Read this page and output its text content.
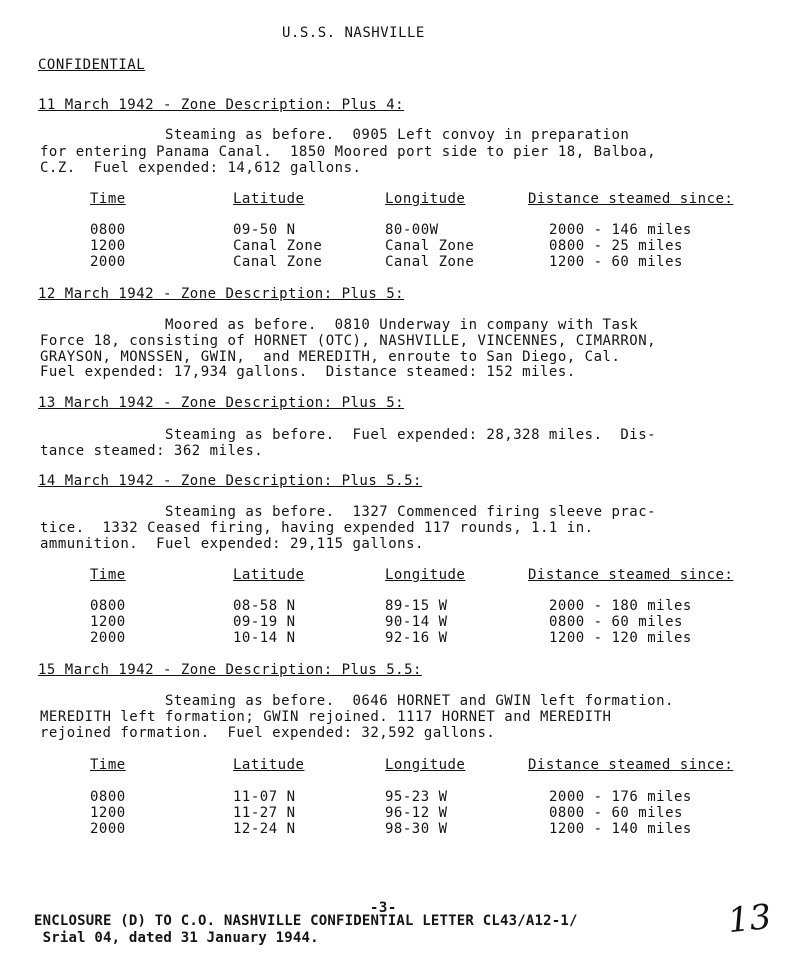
U.S.S. NASHVILLE
CONFIDENTIAL
11 March 1942 - Zone Description: Plus 4:
Steaming as before.  0905 Left convoy in preparation
for entering Panama Canal.  1850 Moored port side to pier 18, Balboa,
C.Z.  Fuel expended: 14,612 gallons.
Time	Latitude	Longitude	Distance steamed since:
0800	09-50 N	80-00W	2000 - 146 miles
1200	Canal Zone	Canal Zone	0800 - 25 miles
2000	Canal Zone	Canal Zone	1200 - 60 miles
12 March 1942 - Zone Description: Plus 5:
Moored as before.  0810 Underway in company with Task
Force 18, consisting of HORNET (OTC), NASHVILLE, VINCENNES, CIMARRON,
GRAYSON, MONSSEN, GWIN,  and MEREDITH, enroute to San Diego, Cal.
Fuel expended: 17,934 gallons.  Distance steamed: 152 miles.
13 March 1942 - Zone Description: Plus 5:
Steaming as before.  Fuel expended: 28,328 miles.  Dis-
tance steamed: 362 miles.
14 March 1942 - Zone Description: Plus 5.5:
Steaming as before.  1327 Commenced firing sleeve prac-
tice.  1332 Ceased firing, having expended 117 rounds, 1.1 in.
ammunition.  Fuel expended: 29,115 gallons.
Time	Latitude	Longitude	Distance steamed since:
0800	08-58 N	89-15 W	2000 - 180 miles
1200	09-19 N	90-14 W	0800 - 60 miles
2000	10-14 N	92-16 W	1200 - 120 miles
15 March 1942 - Zone Description: Plus 5.5:
Steaming as before.  0646 HORNET and GWIN left formation.
MEREDITH left formation; GWIN rejoined. 1117 HORNET and MEREDITH
rejoined formation.  Fuel expended: 32,592 gallons.
Time	Latitude	Longitude	Distance steamed since:
0800	11-07 N	95-23 W	2000 - 176 miles
1200	11-27 N	96-12 W	0800 - 60 miles
2000	12-24 N	98-30 W	1200 - 140 miles
-3-
ENCLOSURE (D) TO C.O. NASHVILLE CONFIDENTIAL LETTER CL43/A12-1/
Srial 04, dated 31 January 1944.	13
